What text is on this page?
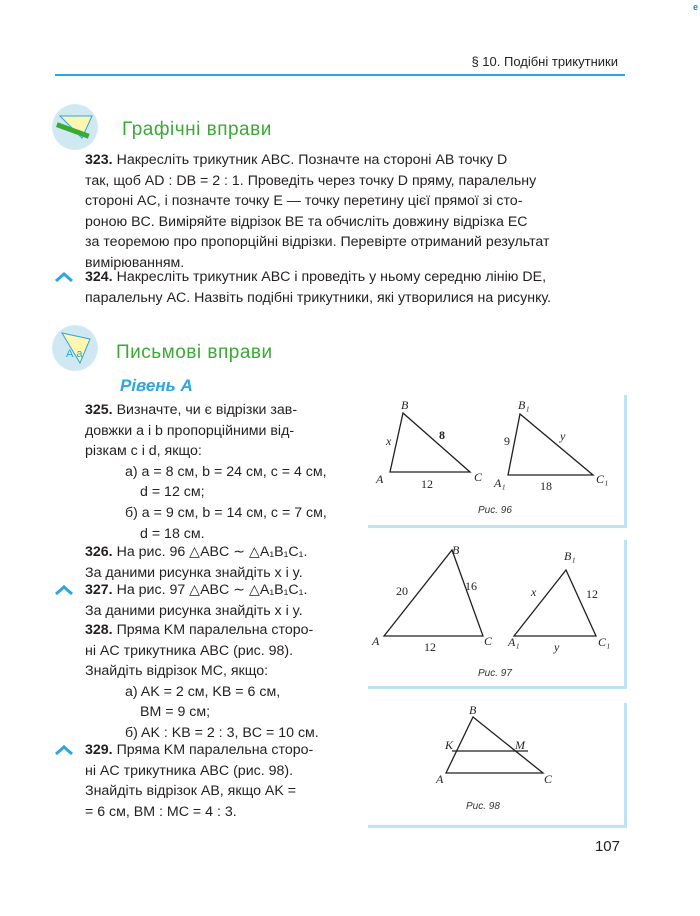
е
§ 10. Подібні трикутники
Графічні вправи
323. Накресліть трикутник ABC. Позначте на стороні AB точку D
так, щоб AD : DB = 2 : 1. Проведіть через точку D пряму, паралельну
стороні AC, і позначте точку E — точку перетину цієї прямої зі сто-
роною BC. Виміряйте відрізок BE та обчисліть довжину відрізка EC
за теоремою про пропорційні відрізки. Перевірте отриманий результат
вимірюванням.
324. Накресліть трикутник ABC і проведіть у ньому середню лінію DE,
паралельну AC. Назвіть подібні трикутники, які утворилися на рисунку.
А а Письмові вправи
Рівень А
325. Визначте, чи є відрізки зав-
довжки a і b пропорційними від-
різкам c і d, якщо:
а) a = 8 см, b = 24 см, c = 4 см,
d = 12 см;
б) a = 9 см, b = 14 см, c = 7 см,
d = 18 см.
326. На рис. 96 △ABC ∼ △A₁B₁C₁.
За даними рисунка знайдіть x і y.
327. На рис. 97 △ABC ∼ △A₁B₁C₁.
За даними рисунка знайдіть x і y.
328. Пряма KM паралельна сторо-
ні AC трикутника ABC (рис. 98).
Знайдіть відрізок MC, якщо:
а) AK = 2 см, KB = 6 см,
BM = 9 см;
б) AK : KB = 2 : 3, BC = 10 см.
329. Пряма KM паралельна сторо-
ні AC трикутника ABC (рис. 98).
Знайдіть відрізок AB, якщо AK =
= 6 см, BM : MC = 4 : 3.
A
B
C
x	8
12	A₁
B₁
C₁
9	y
18
Рис. 96
A
B
C
20	16
12	A₁
B₁
C₁
x	12
y
Рис. 97
A
B
C
K	M
Рис. 98
107
